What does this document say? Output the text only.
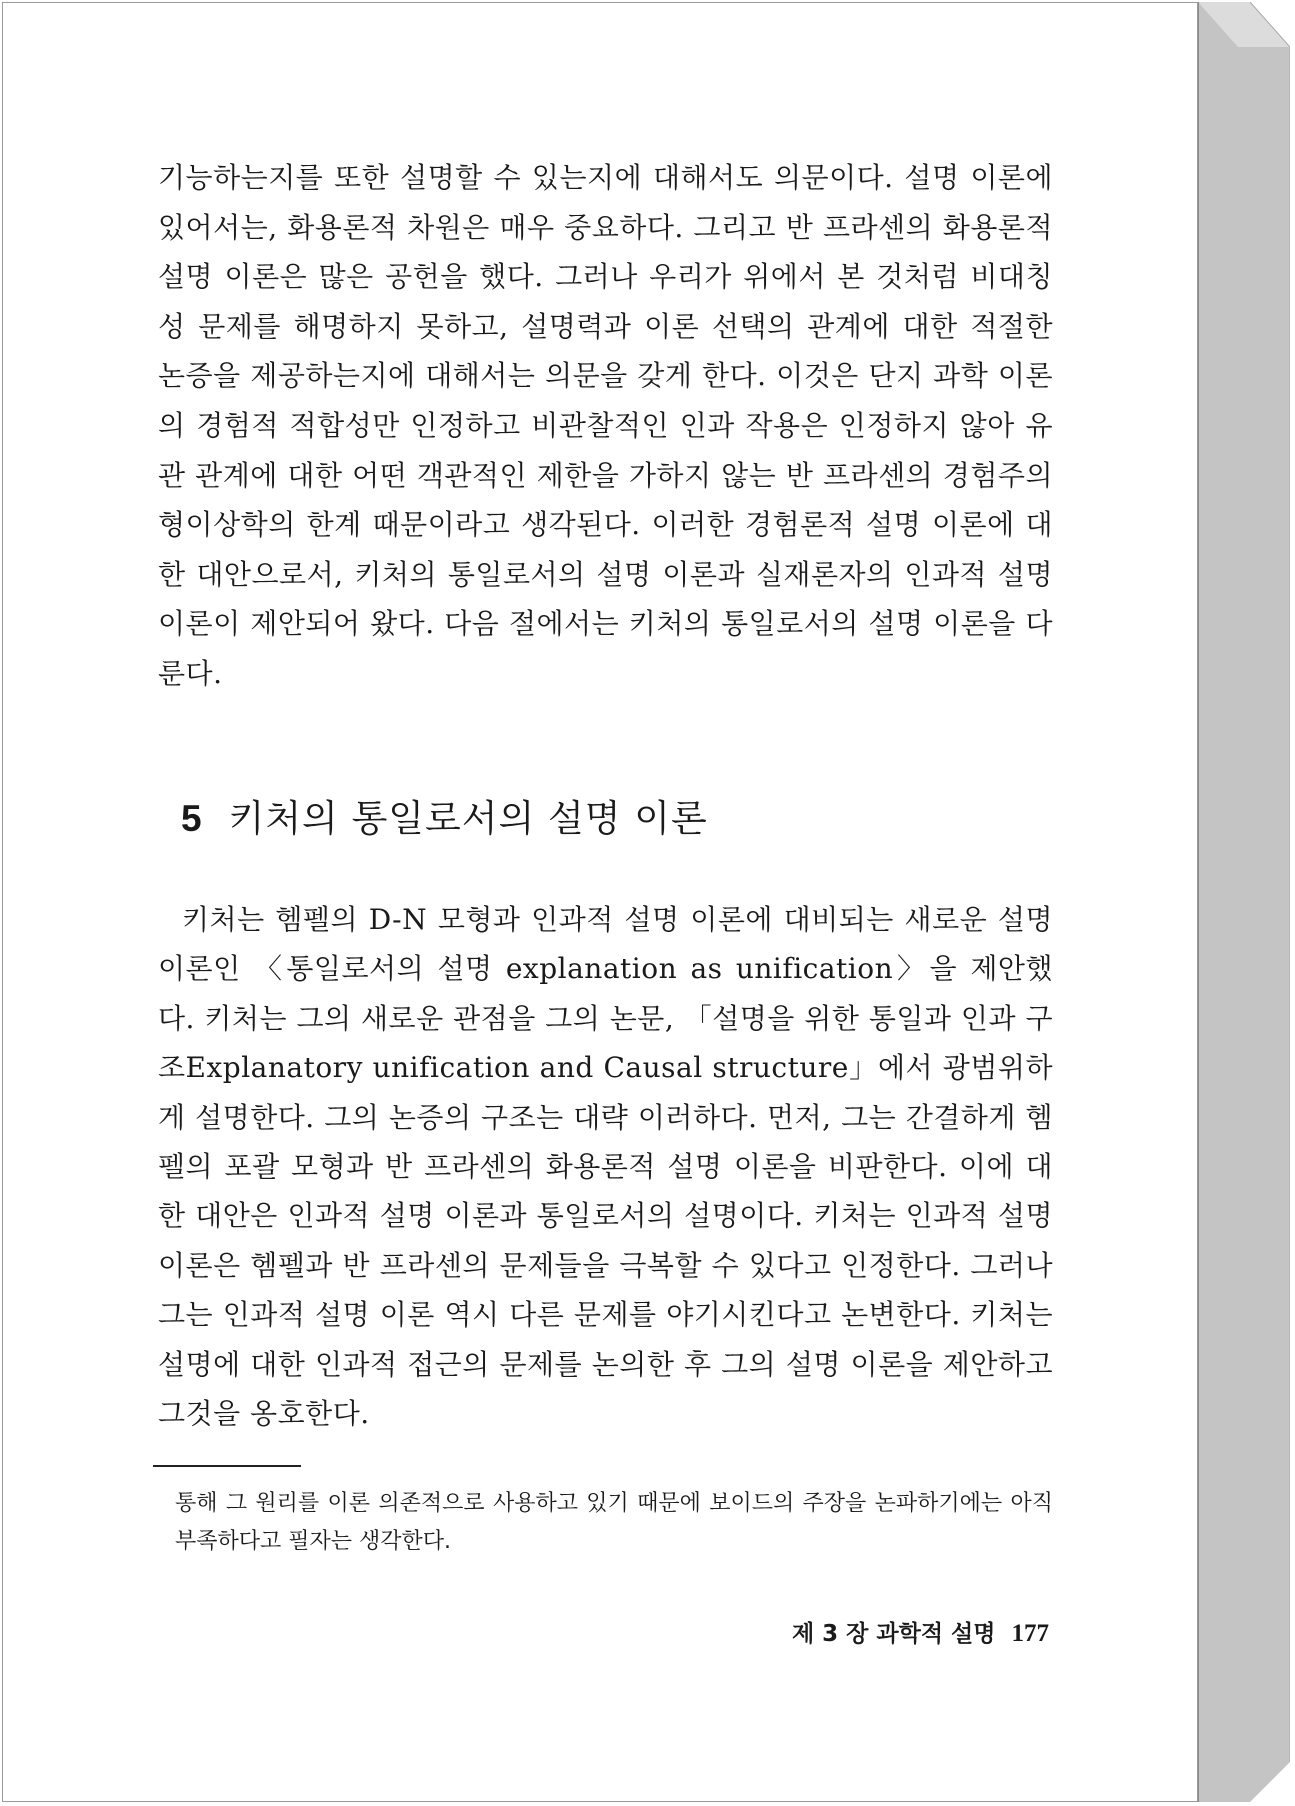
기능하는지를 또한 설명할 수 있는지에 대해서도 의문이다. 설명 이론에 있어서는, 화용론적 차원은 매우 중요하다. 그리고 반 프라센의 화용론적 설명 이론은 많은 공헌을 했다. 그러나 우리가 위에서 본 것처럼 비대칭성 문제를 해명하지 못하고, 설명력과 이론 선택의 관계에 대한 적절한 논증을 제공하는지에 대해서는 의문을 갖게 한다. 이것은 단지 과학 이론의 경험적 적합성만 인정하고 비관찰적인 인과 작용은 인정하지 않아 유관 관계에 대한 어떤 객관적인 제한을 가하지 않는 반 프라센의 경험주의 형이상학의 한계 때문이라고 생각된다. 이러한 경험론적 설명 이론에 대한 대안으로서, 키처의 통일로서의 설명 이론과 실재론자의 인과적 설명 이론이 제안되어 왔다. 다음 절에서는 키처의 통일로서의 설명 이론을 다룬다.

5 키처의 통일로서의 설명 이론

키처는 헴펠의 D-N 모형과 인과적 설명 이론에 대비되는 새로운 설명 이론인 〈통일로서의 설명 explanation as unification〉을 제안했다. 키처는 그의 새로운 관점을 그의 논문, 「설명을 위한 통일과 인과 구조Explanatory unification and Causal structure」에서 광범위하게 설명한다. 그의 논증의 구조는 대략 이러하다. 먼저, 그는 간결하게 헴펠의 포괄 모형과 반 프라센의 화용론적 설명 이론을 비판한다. 이에 대한 대안은 인과적 설명 이론과 통일로서의 설명이다. 키처는 인과적 설명 이론은 헴펠과 반 프라센의 문제들을 극복할 수 있다고 인정한다. 그러나 그는 인과적 설명 이론 역시 다른 문제를 야기시킨다고 논변한다. 키처는 설명에 대한 인과적 접근의 문제를 논의한 후 그의 설명 이론을 제안하고 그것을 옹호한다.

통해 그 원리를 이론 의존적으로 사용하고 있기 때문에 보이드의 주장을 논파하기에는 아직 부족하다고 필자는 생각한다.

제 3 장 과학적 설명 177
